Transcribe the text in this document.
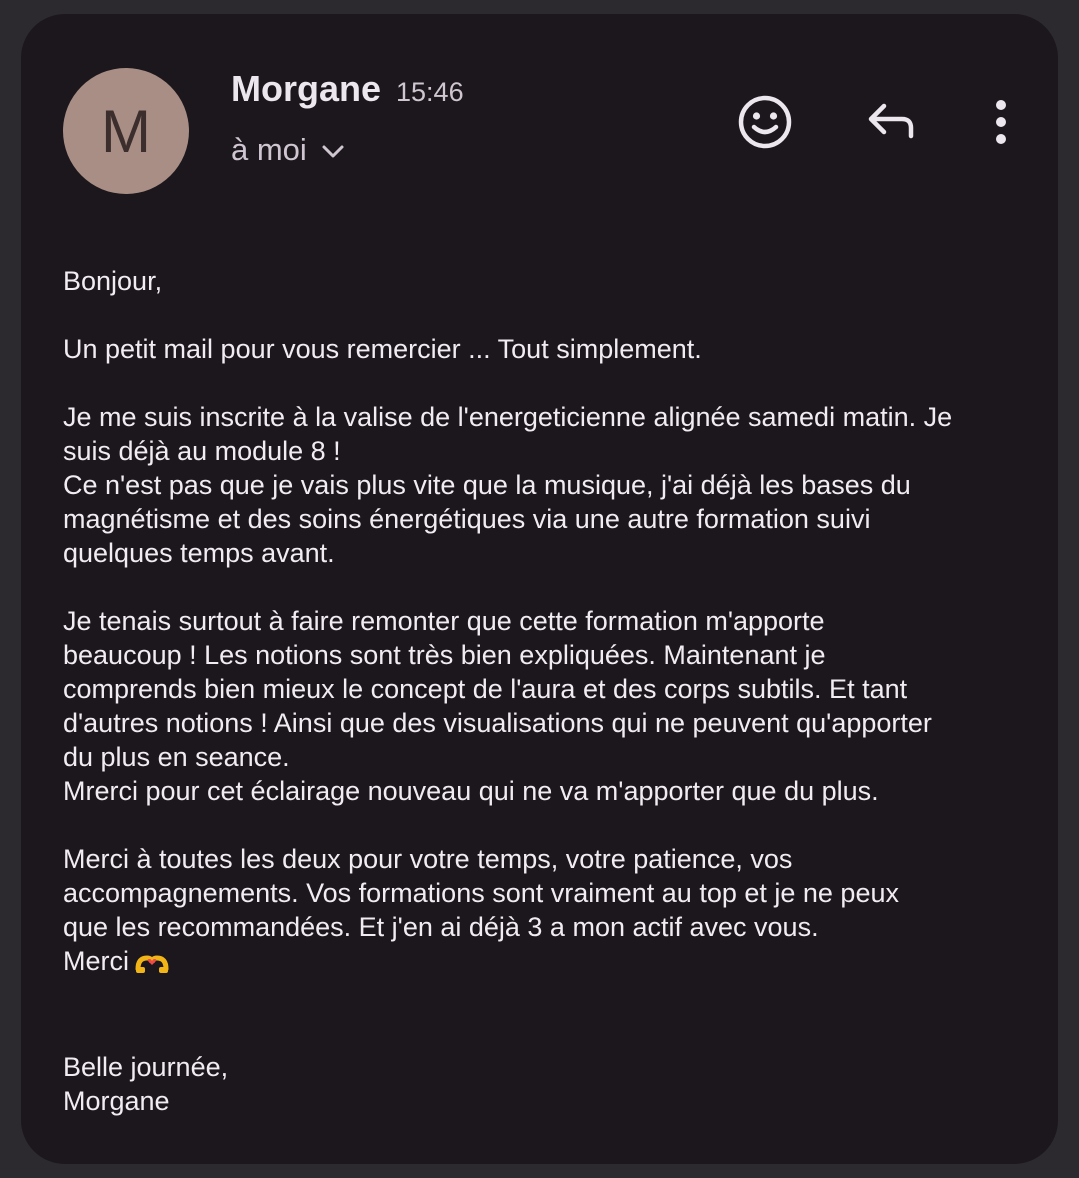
M
Morgane 15:46
à moi

Bonjour,

Un petit mail pour vous remercier ... Tout simplement.

Je me suis inscrite à la valise de l'energeticienne alignée samedi matin. Je

suis déjà au module 8 !

Ce n'est pas que je vais plus vite que la musique, j'ai déjà les bases du

magnétisme et des soins énergétiques via une autre formation suivi

quelques temps avant.

Je tenais surtout à faire remonter que cette formation m'apporte

beaucoup ! Les notions sont très bien expliquées. Maintenant je

comprends bien mieux le concept de l'aura et des corps subtils. Et tant

d'autres notions ! Ainsi que des visualisations qui ne peuvent qu'apporter

du plus en seance.

Mrerci pour cet éclairage nouveau qui ne va m'apporter que du plus.

Merci à toutes les deux pour votre temps, votre patience, vos

accompagnements. Vos formations sont vraiment au top et je ne peux

que les recommandées. Et j'en ai déjà 3 a mon actif avec vous.

Merci

Belle journée,

Morgane
